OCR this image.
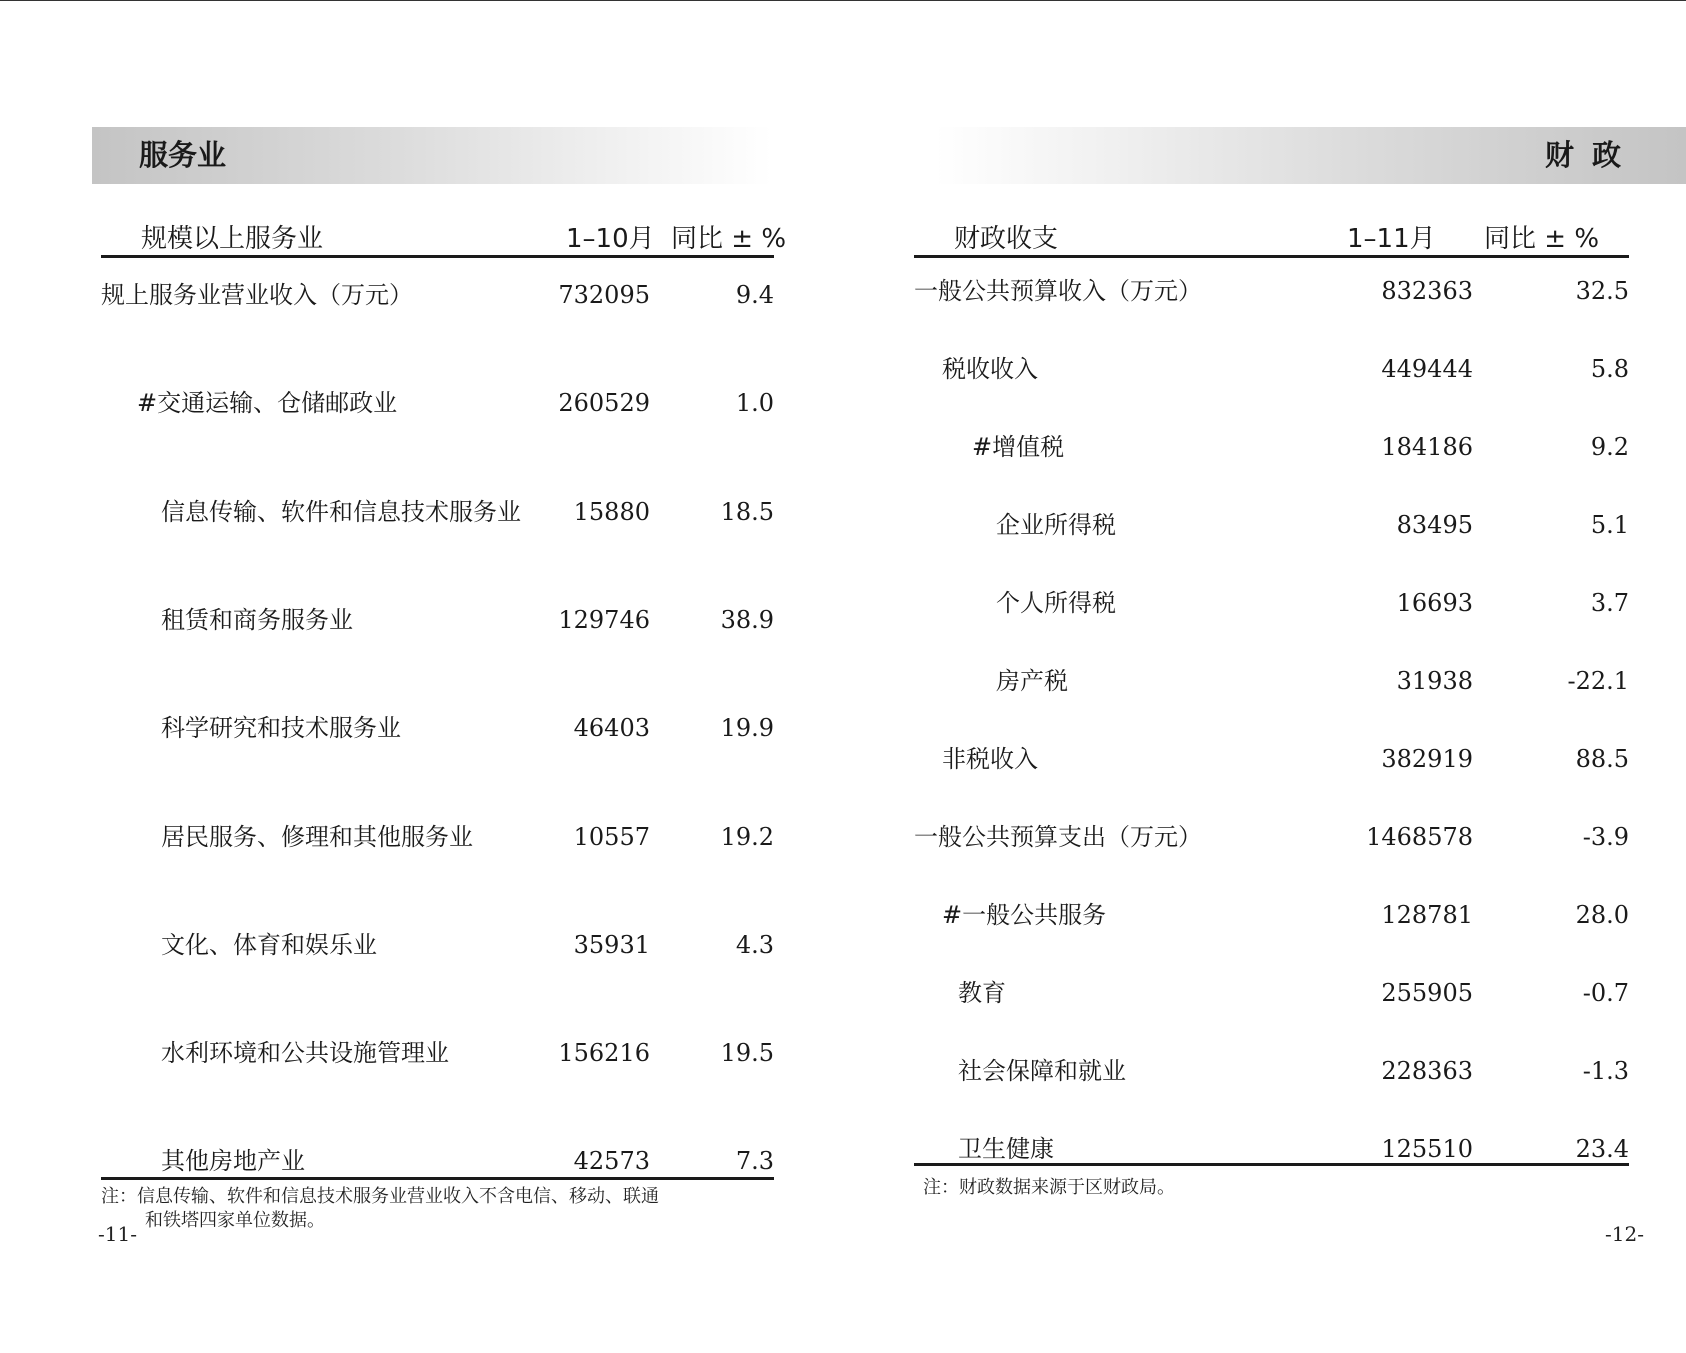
服务业
规模以上服务业	1–10月 同比 ± %
规上服务业营业收入（万元）	732095	9.4
#交通运输、仓储邮政业	260529	1.0
信息传输、软件和信息技术服务业 15880	18.5
租赁和商务服务业	129746	38.9
科学研究和技术服务业	46403	19.9
居民服务、修理和其他服务业	10557	19.2
文化、体育和娱乐业	35931	4.3
水利环境和公共设施管理业	156216	19.5
其他房地产业	42573	7.3
注：信息传输、软件和信息技术服务业营业收入不含电信、移动、联通
和铁塔四家单位数据。
-11-
财政
财政收支	1–11月 同比 ± %
一般公共预算收入（万元）	832363	32.5
税收收入	449444	5.8
#增值税	184186	9.2
企业所得税	83495	5.1
个人所得税	16693	3.7
房产税	31938	-22.1
非税收入	382919	88.5
一般公共预算支出（万元）	1468578	-3.9
#一般公共服务	128781	28.0
教育	255905	-0.7
社会保障和就业	228363	-1.3
卫生健康	125510	23.4
注：财政数据来源于区财政局。
-12-
